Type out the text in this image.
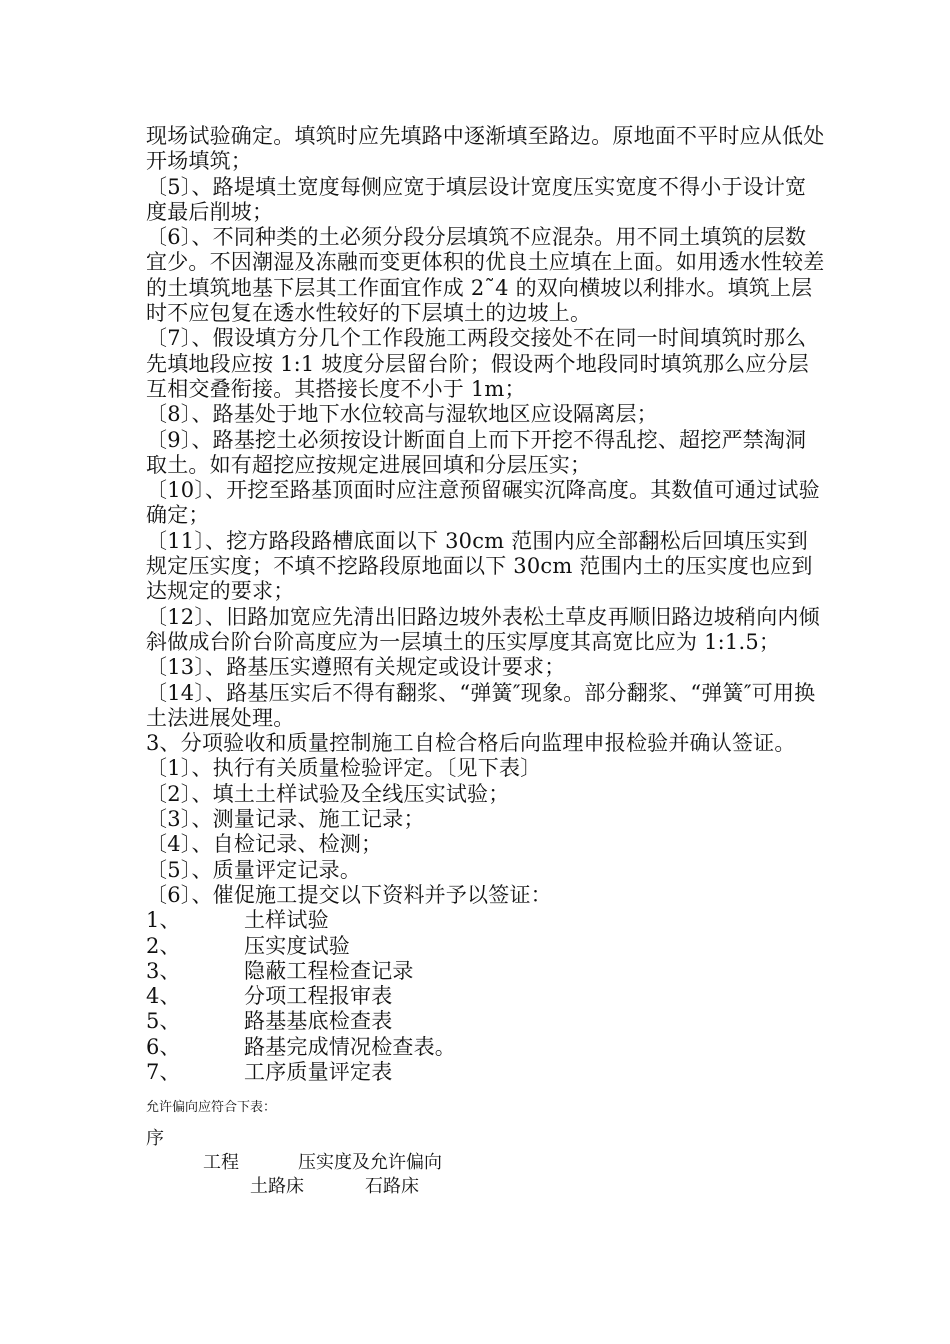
现场试验确定。填筑时应先填路中逐渐填至路边。原地面不平时应从低处开场填筑；

〔5〕、路堤填土宽度每侧应宽于填层设计宽度压实宽度不得小于设计宽度最后削坡；

〔6〕、不同种类的土必须分段分层填筑不应混杂。用不同土填筑的层数宜少。不因潮湿及冻融而变更体积的优良土应填在上面。如用透水性较差的土填筑地基下层其工作面宜作成 2˜4 的双向横坡以利排水。填筑上层时不应包复在透水性较好的下层填土的边坡上。

〔7〕、假设填方分几个工作段施工两段交接处不在同一时间填筑时那么先填地段应按 1:1 坡度分层留台阶；假设两个地段同时填筑那么应分层互相交叠衔接。其搭接长度不小于 1m；

〔8〕、路基处于地下水位较高与湿软地区应设隔离层；

〔9〕、路基挖土必须按设计断面自上而下开挖不得乱挖、超挖严禁淘洞取土。如有超挖应按规定进展回填和分层压实；

〔10〕、开挖至路基顶面时应注意预留碾实沉降高度。其数值可通过试验确定；

〔11〕、挖方路段路槽底面以下 30cm 范围内应全部翻松后回填压实到规定压实度；不填不挖路段原地面以下 30cm 范围内土的压实度也应到达规定的要求；

〔12〕、旧路加宽应先清出旧路边坡外表松土草皮再顺旧路边坡稍向内倾斜做成台阶台阶高度应为一层填土的压实厚度其高宽比应为 1:1.5；

〔13〕、路基压实遵照有关规定或设计要求；

〔14〕、路基压实后不得有翻浆、“弹簧″现象。部分翻浆、“弹簧″可用换土法进展处理。

3、分项验收和质量控制施工自检合格后向监理申报检验并确认签证。

〔1〕、执行有关质量检验评定。〔见下表〕

〔2〕、填土土样试验及全线压实试验；

〔3〕、测量记录、施工记录；

〔4〕、自检记录、检测；

〔5〕、质量评定记录。

〔6〕、催促施工提交以下资料并予以签证：

1、	土样试验
2、	压实度试验
3、	隐蔽工程检查记录
4、	分项工程报审表
5、	路基基底检查表
6、	路基完成情况检查表。
7、	工序质量评定表
允许偏向应符合下表：
序
工程	压实度及允许偏向
土路床	石路床
